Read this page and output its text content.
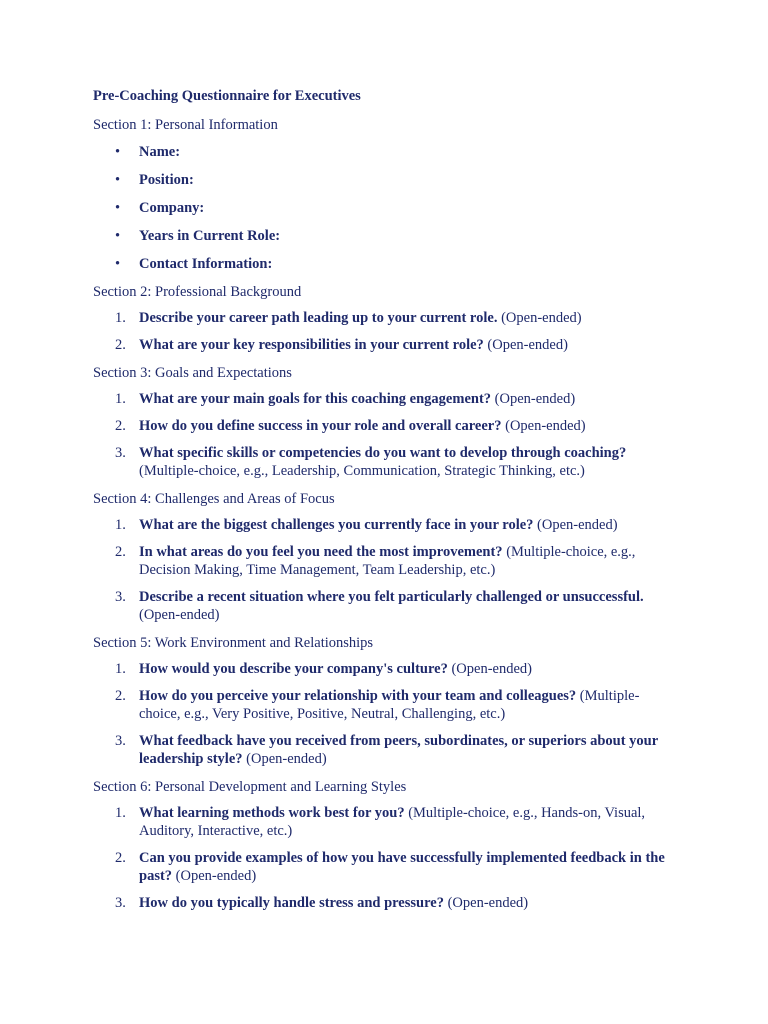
Pre-Coaching Questionnaire for Executives
Section 1: Personal Information
• Name:
• Position:
• Company:
• Years in Current Role:
• Contact Information:
Section 2: Professional Background
1. Describe your career path leading up to your current role. (Open-ended)
2. What are your key responsibilities in your current role? (Open-ended)
Section 3: Goals and Expectations
1. What are your main goals for this coaching engagement? (Open-ended)
2. How do you define success in your role and overall career? (Open-ended)
3. What specific skills or competencies do you want to develop through coaching? (Multiple-choice, e.g., Leadership, Communication, Strategic Thinking, etc.)
Section 4: Challenges and Areas of Focus
1. What are the biggest challenges you currently face in your role? (Open-ended)
2. In what areas do you feel you need the most improvement? (Multiple-choice, e.g., Decision Making, Time Management, Team Leadership, etc.)
3. Describe a recent situation where you felt particularly challenged or unsuccessful. (Open-ended)
Section 5: Work Environment and Relationships
1. How would you describe your company's culture? (Open-ended)
2. How do you perceive your relationship with your team and colleagues? (Multiple-choice, e.g., Very Positive, Positive, Neutral, Challenging, etc.)
3. What feedback have you received from peers, subordinates, or superiors about your leadership style? (Open-ended)
Section 6: Personal Development and Learning Styles
1. What learning methods work best for you? (Multiple-choice, e.g., Hands-on, Visual, Auditory, Interactive, etc.)
2. Can you provide examples of how you have successfully implemented feedback in the past? (Open-ended)
3. How do you typically handle stress and pressure? (Open-ended)
